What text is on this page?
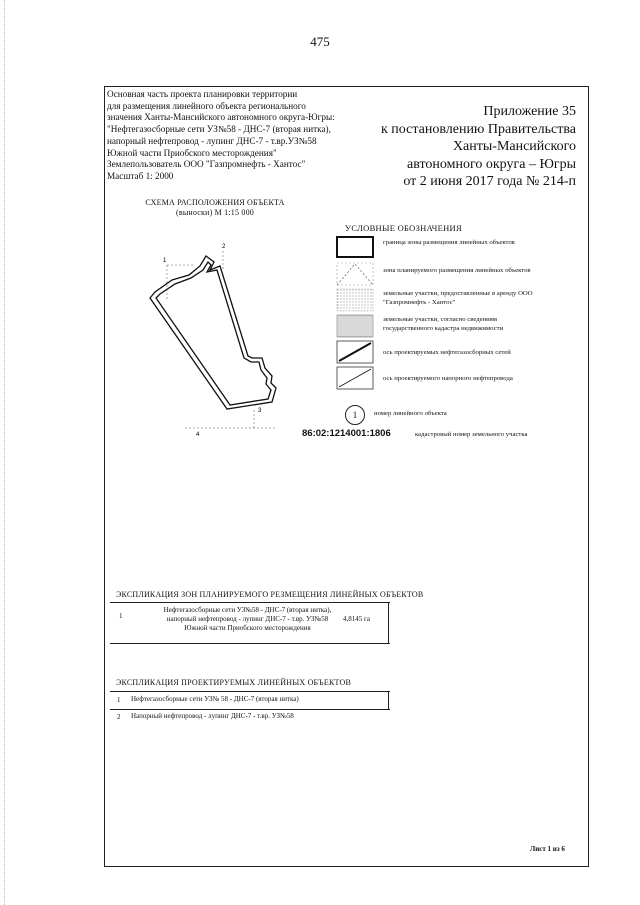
475
Основная часть проекта планировки территории
для размещения линейного объекта регионального
значения Ханты-Мансийского автономного округа-Югры:
"Нефтегазосборные сети УЗ№58 - ДНС-7 (вторая нитка),
напорный нефтепровод - лупинг ДНС-7 - т.вр.УЗ№58
Южной части Приобского месторождения"
Землепользователь ООО "Газпромнефть - Хантос"
Масштаб 1: 2000
Приложение 35
к постановлению Правительства
Ханты-Мансийского
автономного округа – Югры
от 2 июня 2017 года № 214-п
СХЕМА РАСПОЛОЖЕНИЯ ОБЪЕКТА
(выноски) М 1:15 000
1
2
3
4
УСЛОВНЫЕ ОБОЗНАЧЕНИЯ
граница зоны размещения линейных объектов
зона планируемого размещения линейных объектов
земельные участки, предоставленные в аренду ООО "Газпромнефть - Хантос"
земельные участки, согласно сведениям государственного кадастра недвижимости
ось проектируемых нефтегазосборных сетей
ось проектируемого напорного нефтепровода
1	номер линейного объекта
86:02:1214001:1806	кадастровый номер земельного участка
ЭКСПЛИКАЦИЯ ЗОН ПЛАНИРУЕМОГО РЕЗМЕЩЕНИЯ ЛИНЕЙНЫХ ОБЪЕКТОВ
1
Нефтегазосборные сети УЗ№58 - ДНС-7 (вторая нитка),
напорный нефтепровод - лупинг ДНС-7 - т.вр. УЗ№58
Южной части Приобского месторождения
4,8145 га
ЭКСПЛИКАЦИЯ ПРОЕКТИРУЕМЫХ ЛИНЕЙНЫХ ОБЪЕКТОВ
1 Нефтегазосборные сети УЗ№ 58 - ДНС-7 (вторая нитка)
2 Напорный нефтепровод - лупинг ДНС-7 - т.вр. УЗ№58
Лист 1 из 6
